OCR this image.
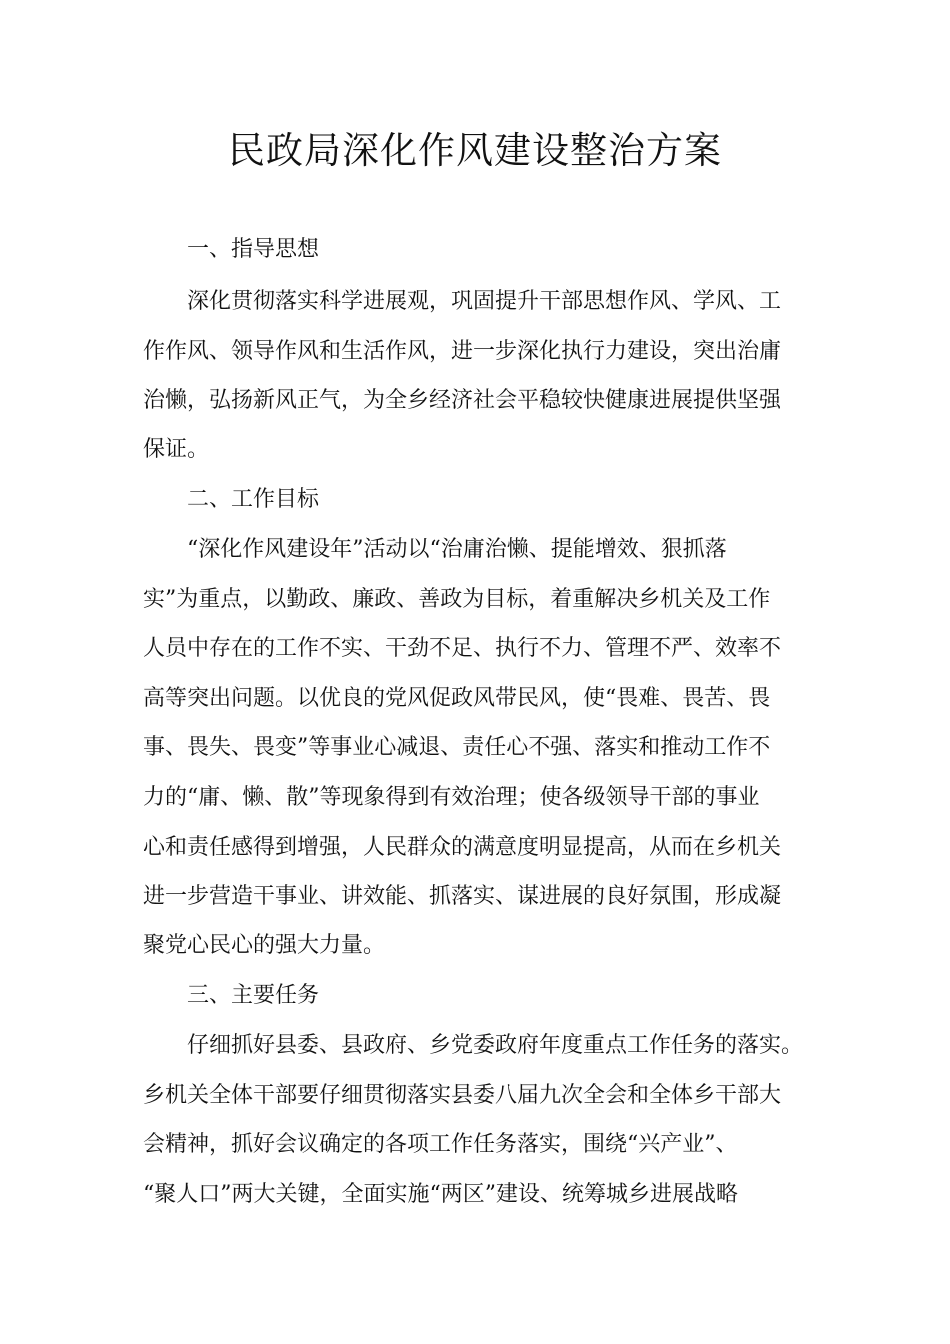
民政局深化作风建设整治方案

一、指导思想

深化贯彻落实科学进展观，巩固提升干部思想作风、学风、工

作作风、领导作风和生活作风，进一步深化执行力建设，突出治庸

治懒，弘扬新风正气，为全乡经济社会平稳较快健康进展提供坚强

保证。

二、工作目标

“深化作风建设年”活动以“治庸治懒、提能增效、狠抓落

实”为重点，以勤政、廉政、善政为目标，着重解决乡机关及工作

人员中存在的工作不实、干劲不足、执行不力、管理不严、效率不

高等突出问题。以优良的党风促政风带民风，使“畏难、畏苦、畏

事、畏失、畏变”等事业心减退、责任心不强、落实和推动工作不

力的“庸、懒、散”等现象得到有效治理；使各级领导干部的事业

心和责任感得到增强，人民群众的满意度明显提高，从而在乡机关

进一步营造干事业、讲效能、抓落实、谋进展的良好氛围，形成凝

聚党心民心的强大力量。

三、主要任务

仔细抓好县委、县政府、乡党委政府年度重点工作任务的落实。

乡机关全体干部要仔细贯彻落实县委八届九次全会和全体乡干部大

会精神，抓好会议确定的各项工作任务落实，围绕“兴产业”、

“聚人口”两大关键，全面实施“两区”建设、统筹城乡进展战略
